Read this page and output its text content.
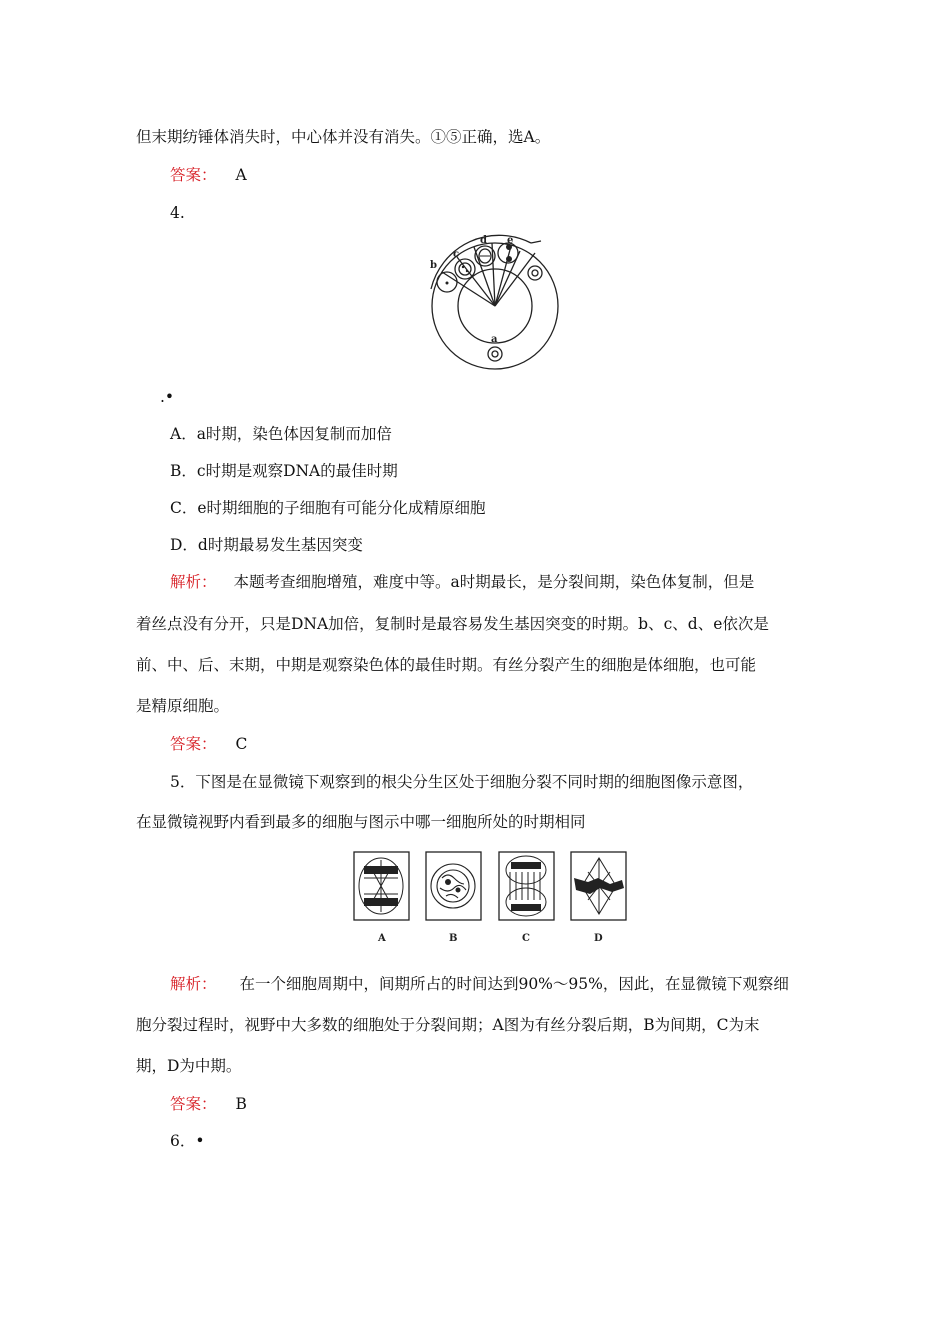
但末期纺锤体消失时，中心体并没有消失。①⑤正确，选A。
答案： A
4.
b
c
d e
a
.•
A．a时期，染色体因复制而加倍
B．c时期是观察DNA的最佳时期
C．e时期细胞的子细胞有可能分化成精原细胞
D．d时期最易发生基因突变
解析： 本题考查细胞增殖，难度中等。a时期最长，是分裂间期，染色体复制，但是
着丝点没有分开，只是DNA加倍，复制时是最容易发生基因突变的时期。b、c、d、e依次是
前、中、后、末期，中期是观察染色体的最佳时期。有丝分裂产生的细胞是体细胞，也可能
是精原细胞。
答案： C
5．下图是在显微镜下观察到的根尖分生区处于细胞分裂不同时期的细胞图像示意图，
在显微镜视野内看到最多的细胞与图示中哪一细胞所处的时期相同
A	B	C	D
解析： 在一个细胞周期中，间期所占的时间达到90%～95%，因此，在显微镜下观察细
胞分裂过程时，视野中大多数的细胞处于分裂间期；A图为有丝分裂后期，B为间期，C为末
期，D为中期。
答案： B
6．•
